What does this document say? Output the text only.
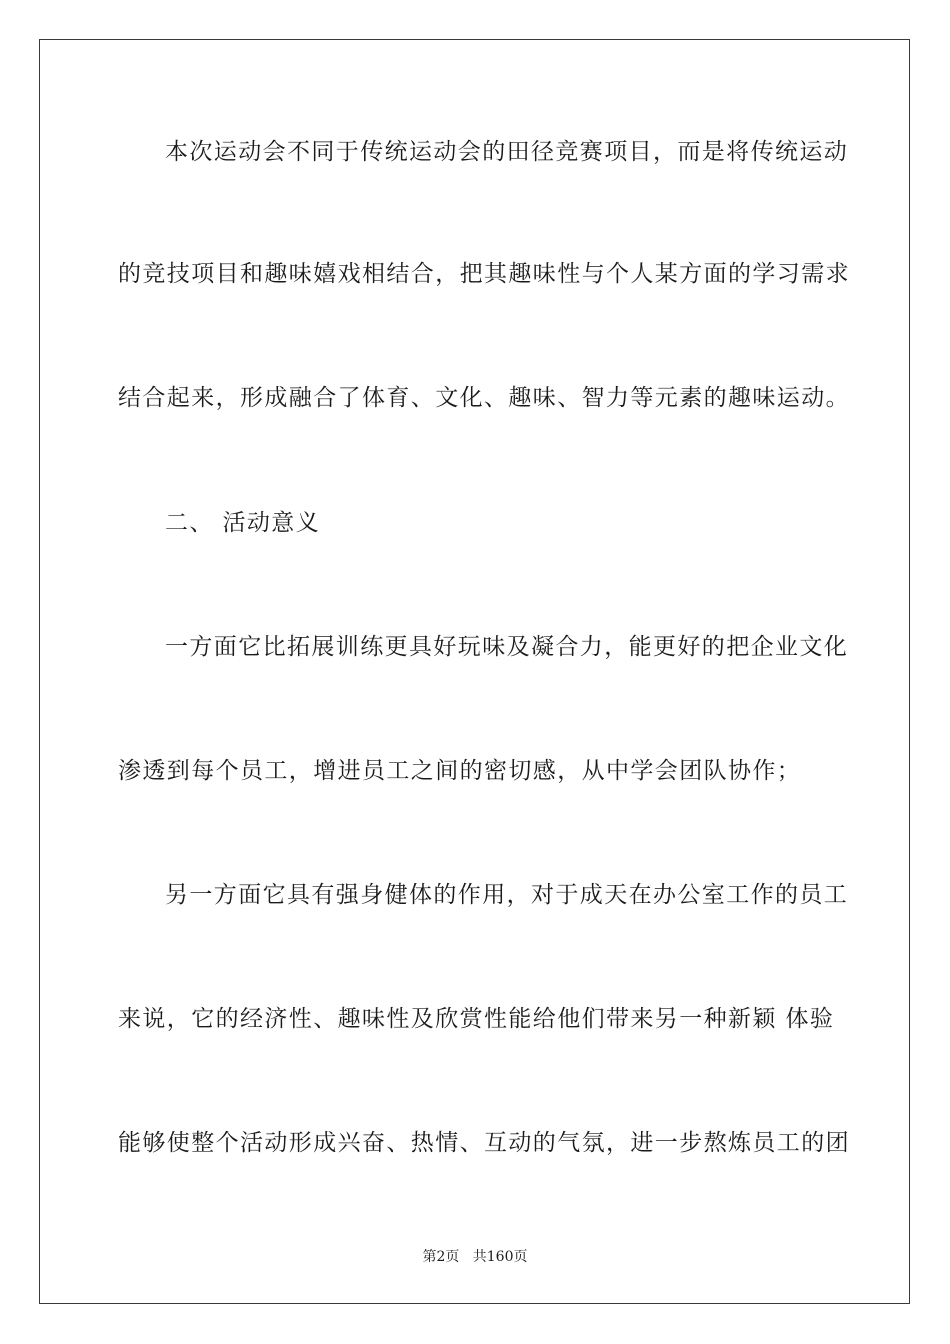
本次运动会不同于传统运动会的田径竞赛项目，而是将传统运动

的竞技项目和趣味嬉戏相结合，把其趣味性与个人某方面的学习需求

结合起来，形成融合了体育、文化、趣味、智力等元素的趣味运动。

二、 活动意义

一方面它比拓展训练更具好玩味及凝合力，能更好的把企业文化

渗透到每个员工，增进员工之间的密切感，从中学会团队协作；

另一方面它具有强身健体的作用，对于成天在办公室工作的员工

来说，它的经济性、趣味性及欣赏性能给他们带来另一种新颖 体验

能够使整个活动形成兴奋、热情、互动的气氛，进一步熬炼员工的团

第2页 共160页
